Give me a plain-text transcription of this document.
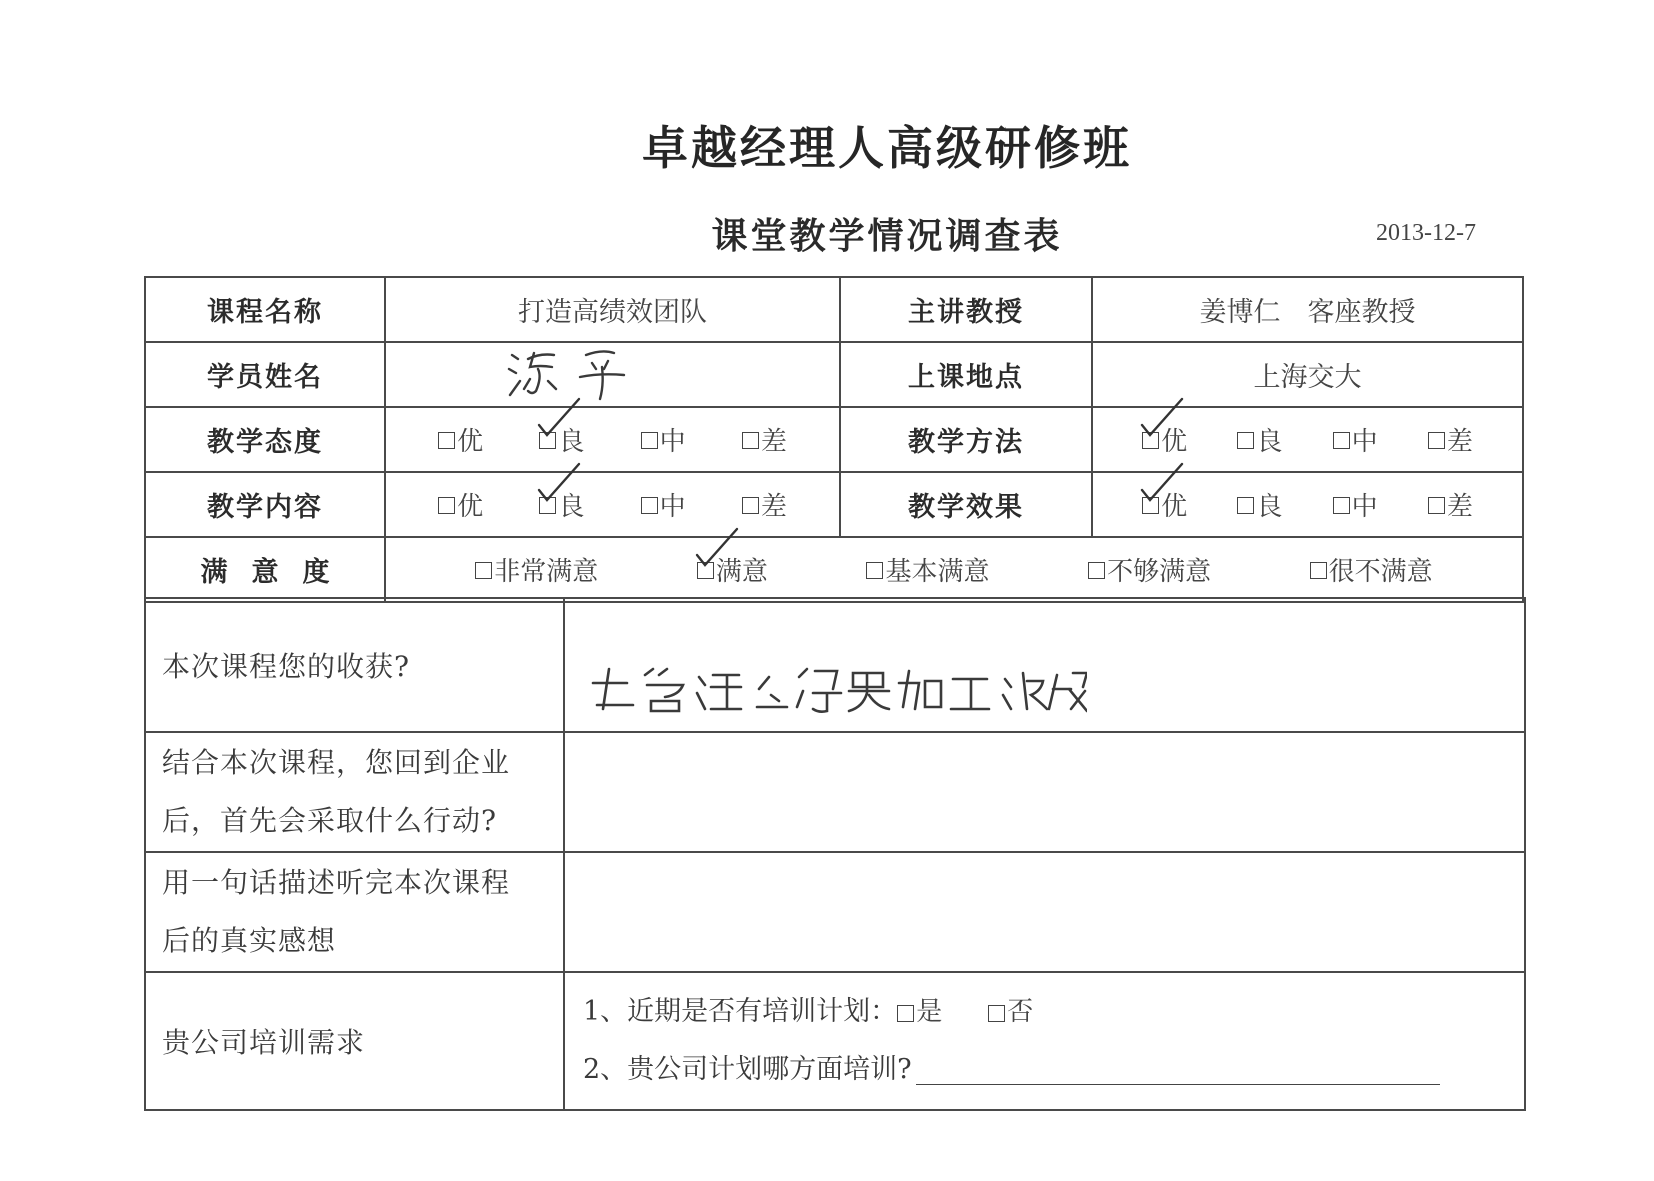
卓越经理人高级研修班
课堂教学情况调查表	2013-12-7
课程名称	打造高绩效团队	主讲教授	姜博仁　客座教授
学员姓名		上课地点	上海交大
教学态度	优 良 中 差	教学方法	优 良 中 差

教学内容	优 良 中 差	教学效果	优 良 中 差

满意度	非常满意 满意 基本满意 不够满意 很不满意		
本次课程您的收获?	

结合本次课程，您回到企业
后，首先会采取什么行动?	

用一句话描述听完本次课程
后的真实感想	

贵公司培训需求	1、近期是否有培训计划： 是 否
2、贵公司计划哪方面培训?
